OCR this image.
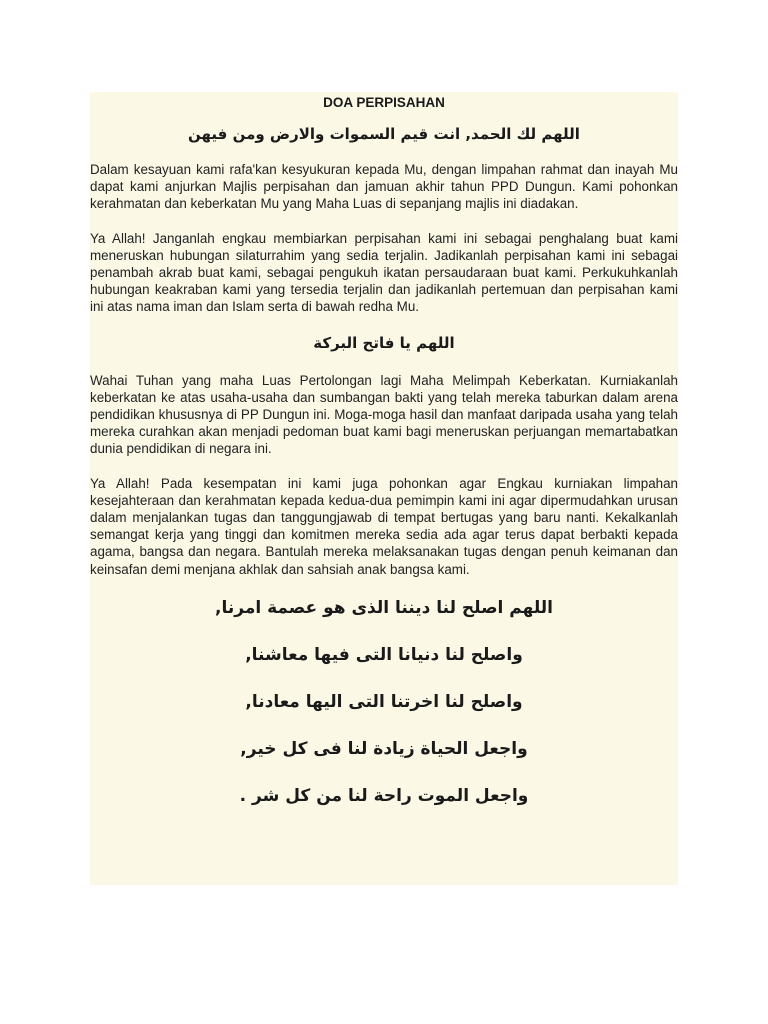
DOA PERPISAHAN
اللهم لك الحمد, انت قيم السموات والارض ومن فيهن

Dalam kesayuan kami rafa'kan kesyukuran kepada Mu, dengan limpahan rahmat dan inayah Mu dapat kami anjurkan Majlis perpisahan dan jamuan akhir tahun PPD Dungun. Kami pohonkan kerahmatan dan keberkatan Mu yang Maha Luas di sepanjang majlis ini diadakan.

Ya Allah! Janganlah engkau membiarkan perpisahan kami ini sebagai penghalang buat kami meneruskan hubungan silaturrahim yang sedia terjalin. Jadikanlah perpisahan kami ini sebagai penambah akrab buat kami, sebagai pengukuh ikatan persaudaraan buat kami. Perkukuhkanlah hubungan keakraban kami yang tersedia terjalin dan jadikanlah pertemuan dan perpisahan kami ini atas nama iman dan Islam serta di bawah redha Mu.

اللهم يا فاتح البركة

Wahai Tuhan yang maha Luas Pertolongan lagi Maha Melimpah Keberkatan. Kurniakanlah keberkatan ke atas usaha-usaha dan sumbangan bakti yang telah mereka taburkan dalam arena pendidikan khususnya di PP Dungun ini. Moga-moga hasil dan manfaat daripada usaha yang telah mereka curahkan akan menjadi pedoman buat kami bagi meneruskan perjuangan memartabatkan dunia pendidikan di negara ini.

Ya Allah! Pada kesempatan ini kami juga pohonkan agar Engkau kurniakan limpahan kesejahteraan dan kerahmatan kepada kedua-dua pemimpin kami ini agar dipermudahkan urusan dalam menjalankan tugas dan tanggungjawab di tempat bertugas yang baru nanti. Kekalkanlah semangat kerja yang tinggi dan komitmen mereka sedia ada agar terus dapat berbakti kepada agama, bangsa dan negara. Bantulah mereka melaksanakan tugas dengan penuh keimanan dan keinsafan demi menjana akhlak dan sahsiah anak bangsa kami.

اللهم اصلح لنا ديننا الذى هو عصمة امرنا,
واصلح لنا دنيانا التى فيها معاشنا,
واصلح لنا اخرتنا التى اليها معادنا,
واجعل الحياة زيادة لنا فى كل خير,
واجعل الموت راحة لنا من كل شر .
